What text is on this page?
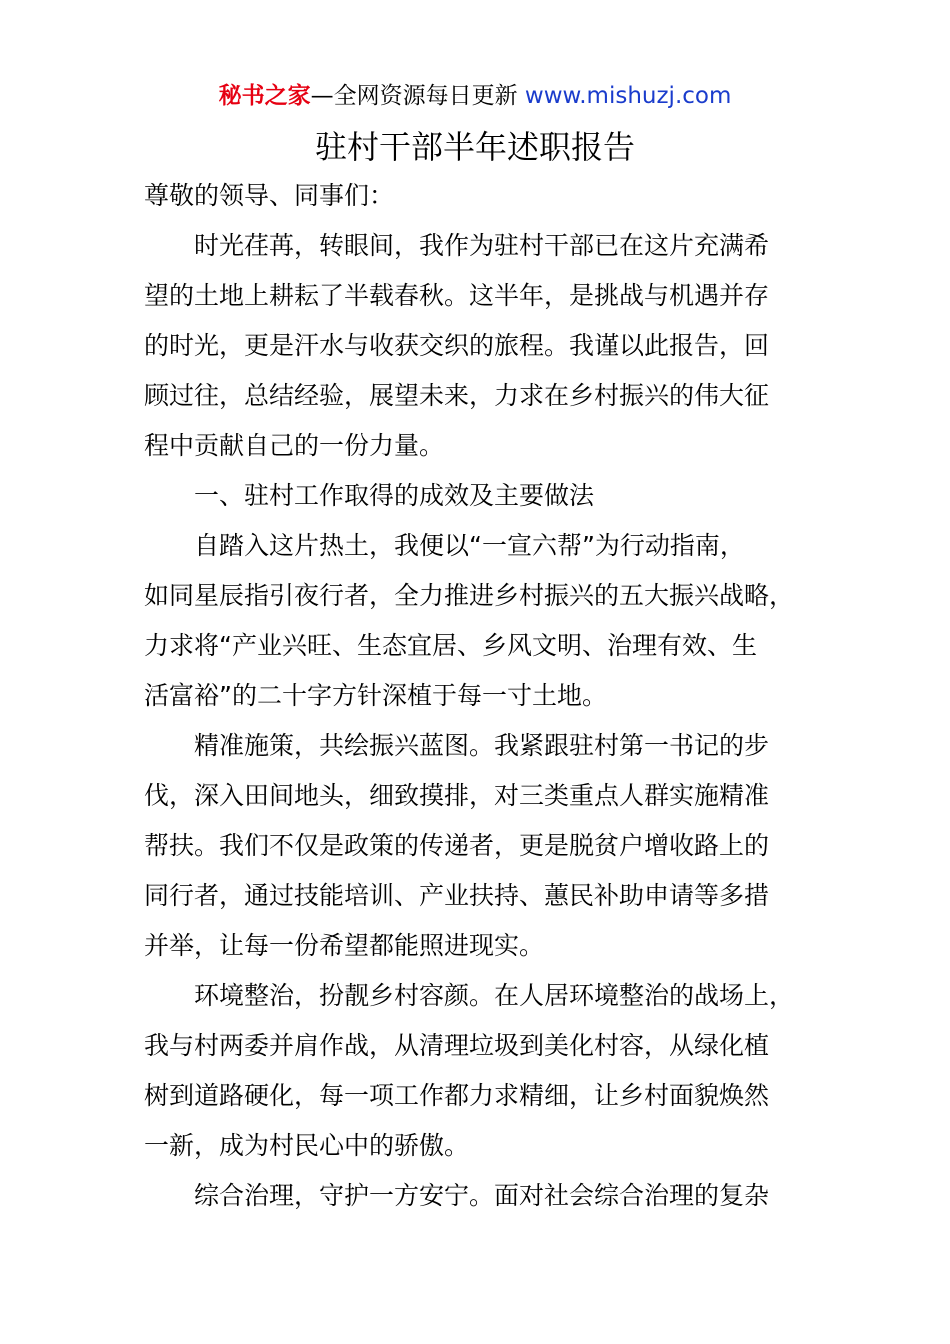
秘书之家—全网资源每日更新 www.mishuzj.com
驻村干部半年述职报告
尊敬的领导、同事们：
时光荏苒，转眼间，我作为驻村干部已在这片充满希
望的土地上耕耘了半载春秋。这半年，是挑战与机遇并存
的时光，更是汗水与收获交织的旅程。我谨以此报告，回
顾过往，总结经验，展望未来，力求在乡村振兴的伟大征
程中贡献自己的一份力量。
一、驻村工作取得的成效及主要做法
自踏入这片热土，我便以“一宣六帮”为行动指南，
如同星辰指引夜行者，全力推进乡村振兴的五大振兴战略，
力求将“产业兴旺、生态宜居、乡风文明、治理有效、生
活富裕”的二十字方针深植于每一寸土地。
精准施策，共绘振兴蓝图。我紧跟驻村第一书记的步
伐，深入田间地头，细致摸排，对三类重点人群实施精准
帮扶。我们不仅是政策的传递者，更是脱贫户增收路上的
同行者，通过技能培训、产业扶持、蕙民补助申请等多措
并举，让每一份希望都能照进现实。
环境整治，扮靓乡村容颜。在人居环境整治的战场上，
我与村两委并肩作战，从清理垃圾到美化村容，从绿化植
树到道路硬化，每一项工作都力求精细，让乡村面貌焕然
一新，成为村民心中的骄傲。
综合治理，守护一方安宁。面对社会综合治理的复杂
